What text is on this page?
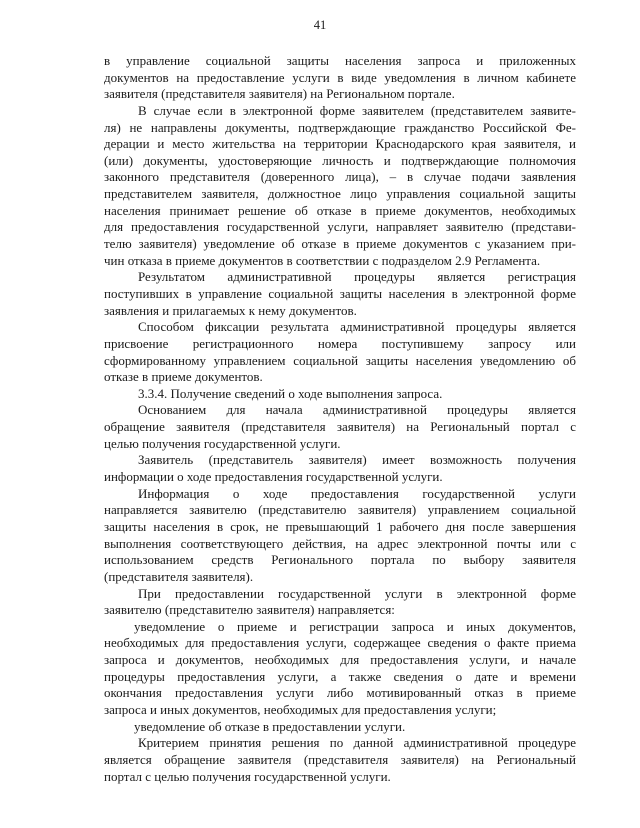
41

в управление социальной защиты населения запроса и приложенных

документов на предоставление услуги в виде уведомления в личном кабинете

заявителя (представителя заявителя) на Региональном портале.

В случае если в электронной форме заявителем (представителем заявите-

ля) не направлены документы, подтверждающие гражданство Российской Фе-

дерации и место жительства на территории Краснодарского края заявителя, и

(или) документы, удостоверяющие личность и подтверждающие полномочия

законного представителя (доверенного лица), – в случае подачи заявления

представителем заявителя, должностное лицо управления социальной защиты

населения принимает решение об отказе в приеме документов, необходимых

для предоставления государственной услуги, направляет заявителю (представи-

телю заявителя) уведомление об отказе в приеме документов с указанием при-

чин отказа в приеме документов в соответствии с подразделом 2.9 Регламента.

Результатом административной процедуры является регистрация

поступивших в управление социальной защиты населения в электронной форме

заявления и прилагаемых к нему документов.

Способом фиксации результата административной процедуры является

присвоение регистрационного номера поступившему запросу или

сформированному управлением социальной защиты населения уведомлению об

отказе в приеме документов.

3.3.4. Получение сведений о ходе выполнения запроса.

Основанием для начала административной процедуры является

обращение заявителя (представителя заявителя) на Региональный портал с

целью получения государственной услуги.

Заявитель (представитель заявителя) имеет возможность получения

информации о ходе предоставления государственной услуги.

Информация о ходе предоставления государственной услуги

направляется заявителю (представителю заявителя) управлением социальной

защиты населения в срок, не превышающий 1 рабочего дня после завершения

выполнения соответствующего действия, на адрес электронной почты или с

использованием средств Регионального портала по выбору заявителя

(представителя заявителя).

При предоставлении государственной услуги в электронной форме

заявителю (представителю заявителя) направляется:

уведомление о приеме и регистрации запроса и иных документов,

необходимых для предоставления услуги, содержащее сведения о факте приема

запроса и документов, необходимых для предоставления услуги, и начале

процедуры предоставления услуги, а также сведения о дате и времени

окончания предоставления услуги либо мотивированный отказ в приеме

запроса и иных документов, необходимых для предоставления услуги;

уведомление об отказе в предоставлении услуги.

Критерием принятия решения по данной административной процедуре

является обращение заявителя (представителя заявителя) на Региональный

портал с целью получения государственной услуги.
